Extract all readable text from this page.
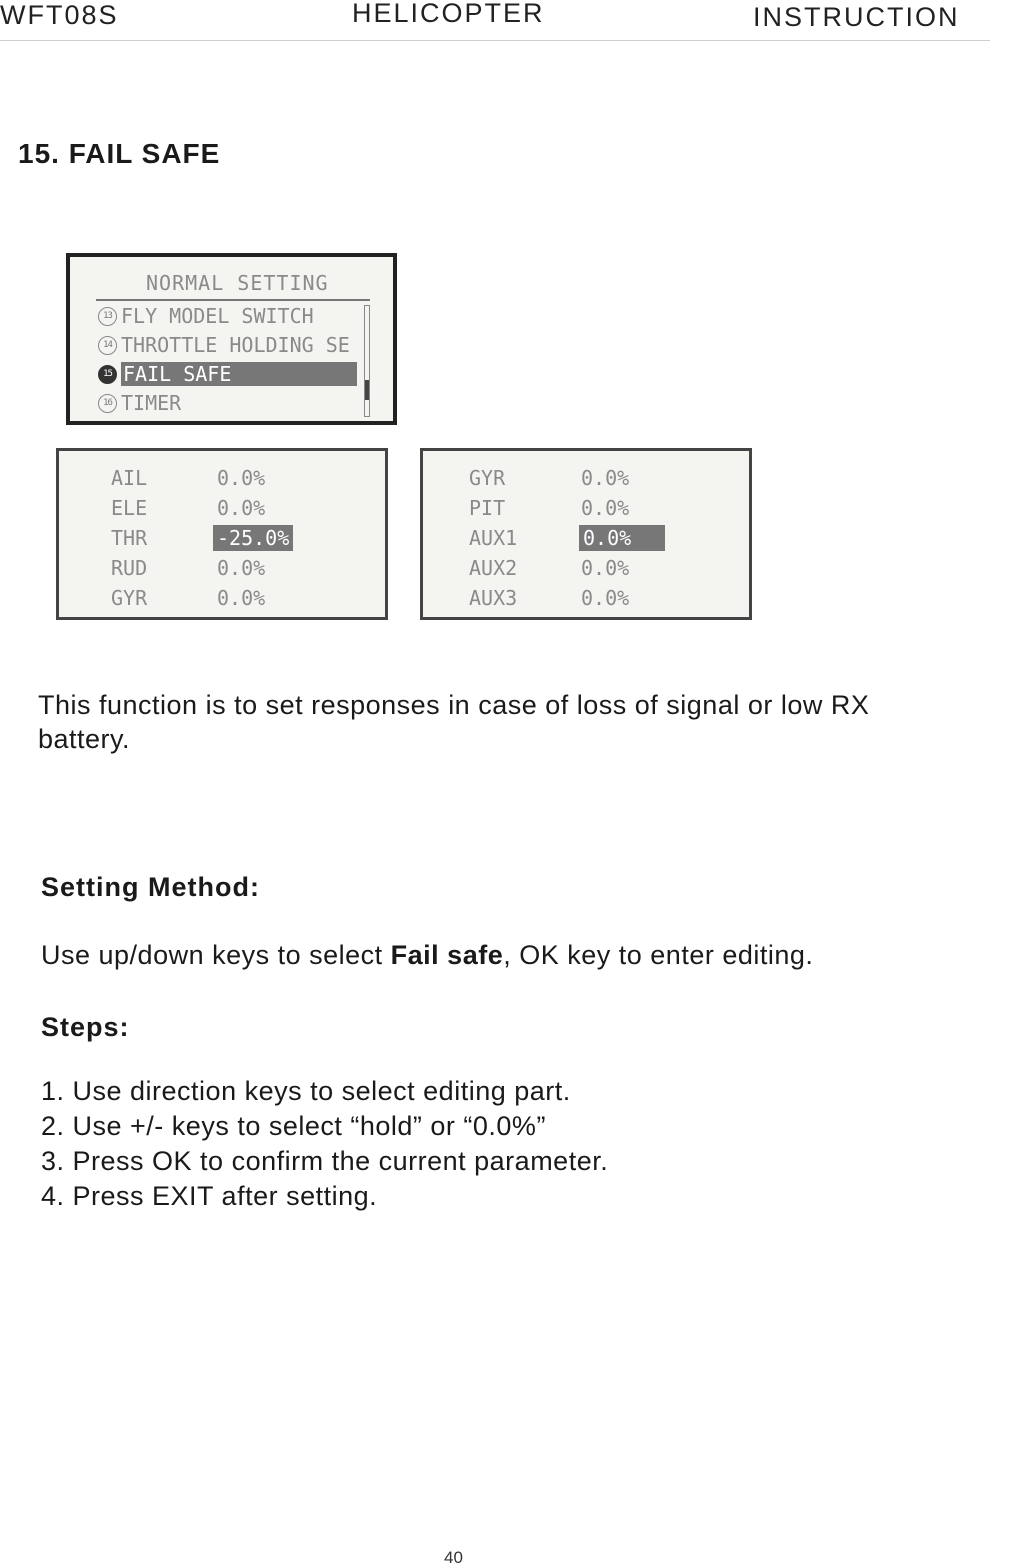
WFT08S	HELICOPTER	INSTRUCTION
15. FAIL SAFE
NORMAL SETTING
13 FLY MODEL SWITCH
14 THROTTLE HOLDING SE
15 FAIL SAFE
16 TIMER
AIL	0.0%
ELE	0.0%
THR	-25.0%
RUD	0.0%
GYR	0.0%
GYR	0.0%
PIT	0.0%
AUX1	0.0%
AUX2	0.0%
AUX3	0.0%
This function is to set responses in case of loss of signal or low RX
battery.
Setting Method:
Use up/down keys to select Fail safe, OK key to enter editing.
Steps:
1. Use direction keys to select editing part.
2. Use +/- keys to select “hold” or “0.0%”
3. Press OK to confirm the current parameter.
4. Press EXIT after setting.
40
